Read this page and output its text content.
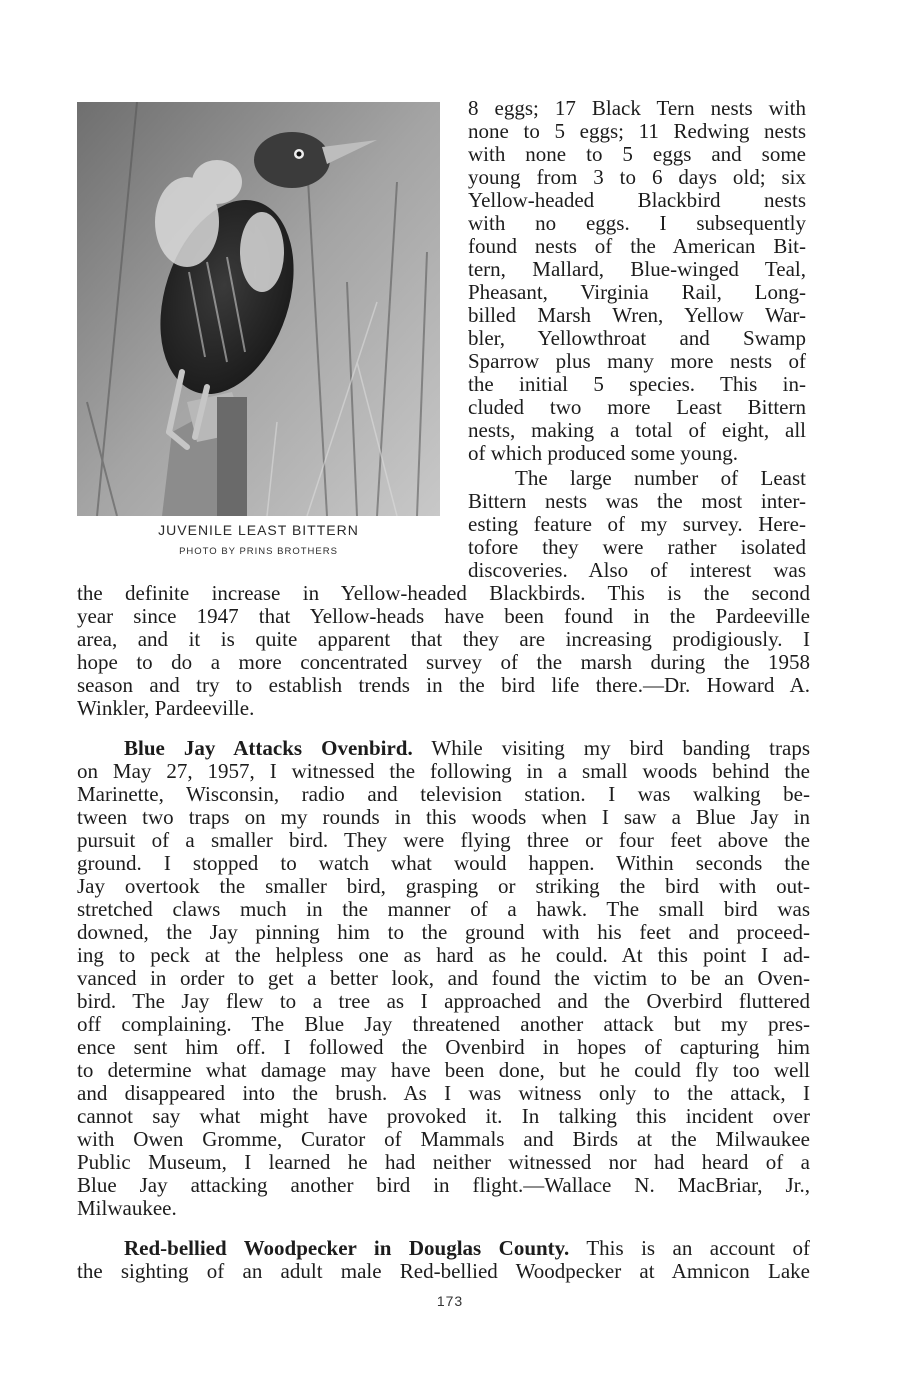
JUVENILE LEAST BITTERN
PHOTO BY PRINS BROTHERS
8 eggs; 17 Black Tern nests with
none to 5 eggs; 11 Redwing nests
with none to 5 eggs and some
young from 3 to 6 days old; six
Yellow-headed Blackbird nests
with no eggs. I subsequently
found nests of the American Bit-
tern, Mallard, Blue-winged Teal,
Pheasant, Virginia Rail, Long-
billed Marsh Wren, Yellow War-
bler, Yellowthroat and Swamp
Sparrow plus many more nests of
the initial 5 species. This in-
cluded two more Least Bittern
nests, making a total of eight, all
of which produced some young.
The large number of Least
Bittern nests was the most inter-
esting feature of my survey. Here-
tofore they were rather isolated
discoveries. Also of interest was
the definite increase in Yellow-headed Blackbirds. This is the second
year since 1947 that Yellow-heads have been found in the Pardeeville
area, and it is quite apparent that they are increasing prodigiously. I
hope to do a more concentrated survey of the marsh during the 1958
season and try to establish trends in the bird life there.—Dr. Howard A.
Winkler, Pardeeville.
Blue Jay Attacks Ovenbird. While visiting my bird banding traps
on May 27, 1957, I witnessed the following in a small woods behind the
Marinette, Wisconsin, radio and television station. I was walking be-
tween two traps on my rounds in this woods when I saw a Blue Jay in
pursuit of a smaller bird. They were flying three or four feet above the
ground. I stopped to watch what would happen. Within seconds the
Jay overtook the smaller bird, grasping or striking the bird with out-
stretched claws much in the manner of a hawk. The small bird was
downed, the Jay pinning him to the ground with his feet and proceed-
ing to peck at the helpless one as hard as he could. At this point I ad-
vanced in order to get a better look, and found the victim to be an Oven-
bird. The Jay flew to a tree as I approached and the Overbird fluttered
off complaining. The Blue Jay threatened another attack but my pres-
ence sent him off. I followed the Ovenbird in hopes of capturing him
to determine what damage may have been done, but he could fly too well
and disappeared into the brush. As I was witness only to the attack, I
cannot say what might have provoked it. In talking this incident over
with Owen Gromme, Curator of Mammals and Birds at the Milwaukee
Public Museum, I learned he had neither witnessed nor had heard of a
Blue Jay attacking another bird in flight.—Wallace N. MacBriar, Jr.,
Milwaukee.
Red-bellied Woodpecker in Douglas County. This is an account of
the sighting of an adult male Red-bellied Woodpecker at Amnicon Lake
173
